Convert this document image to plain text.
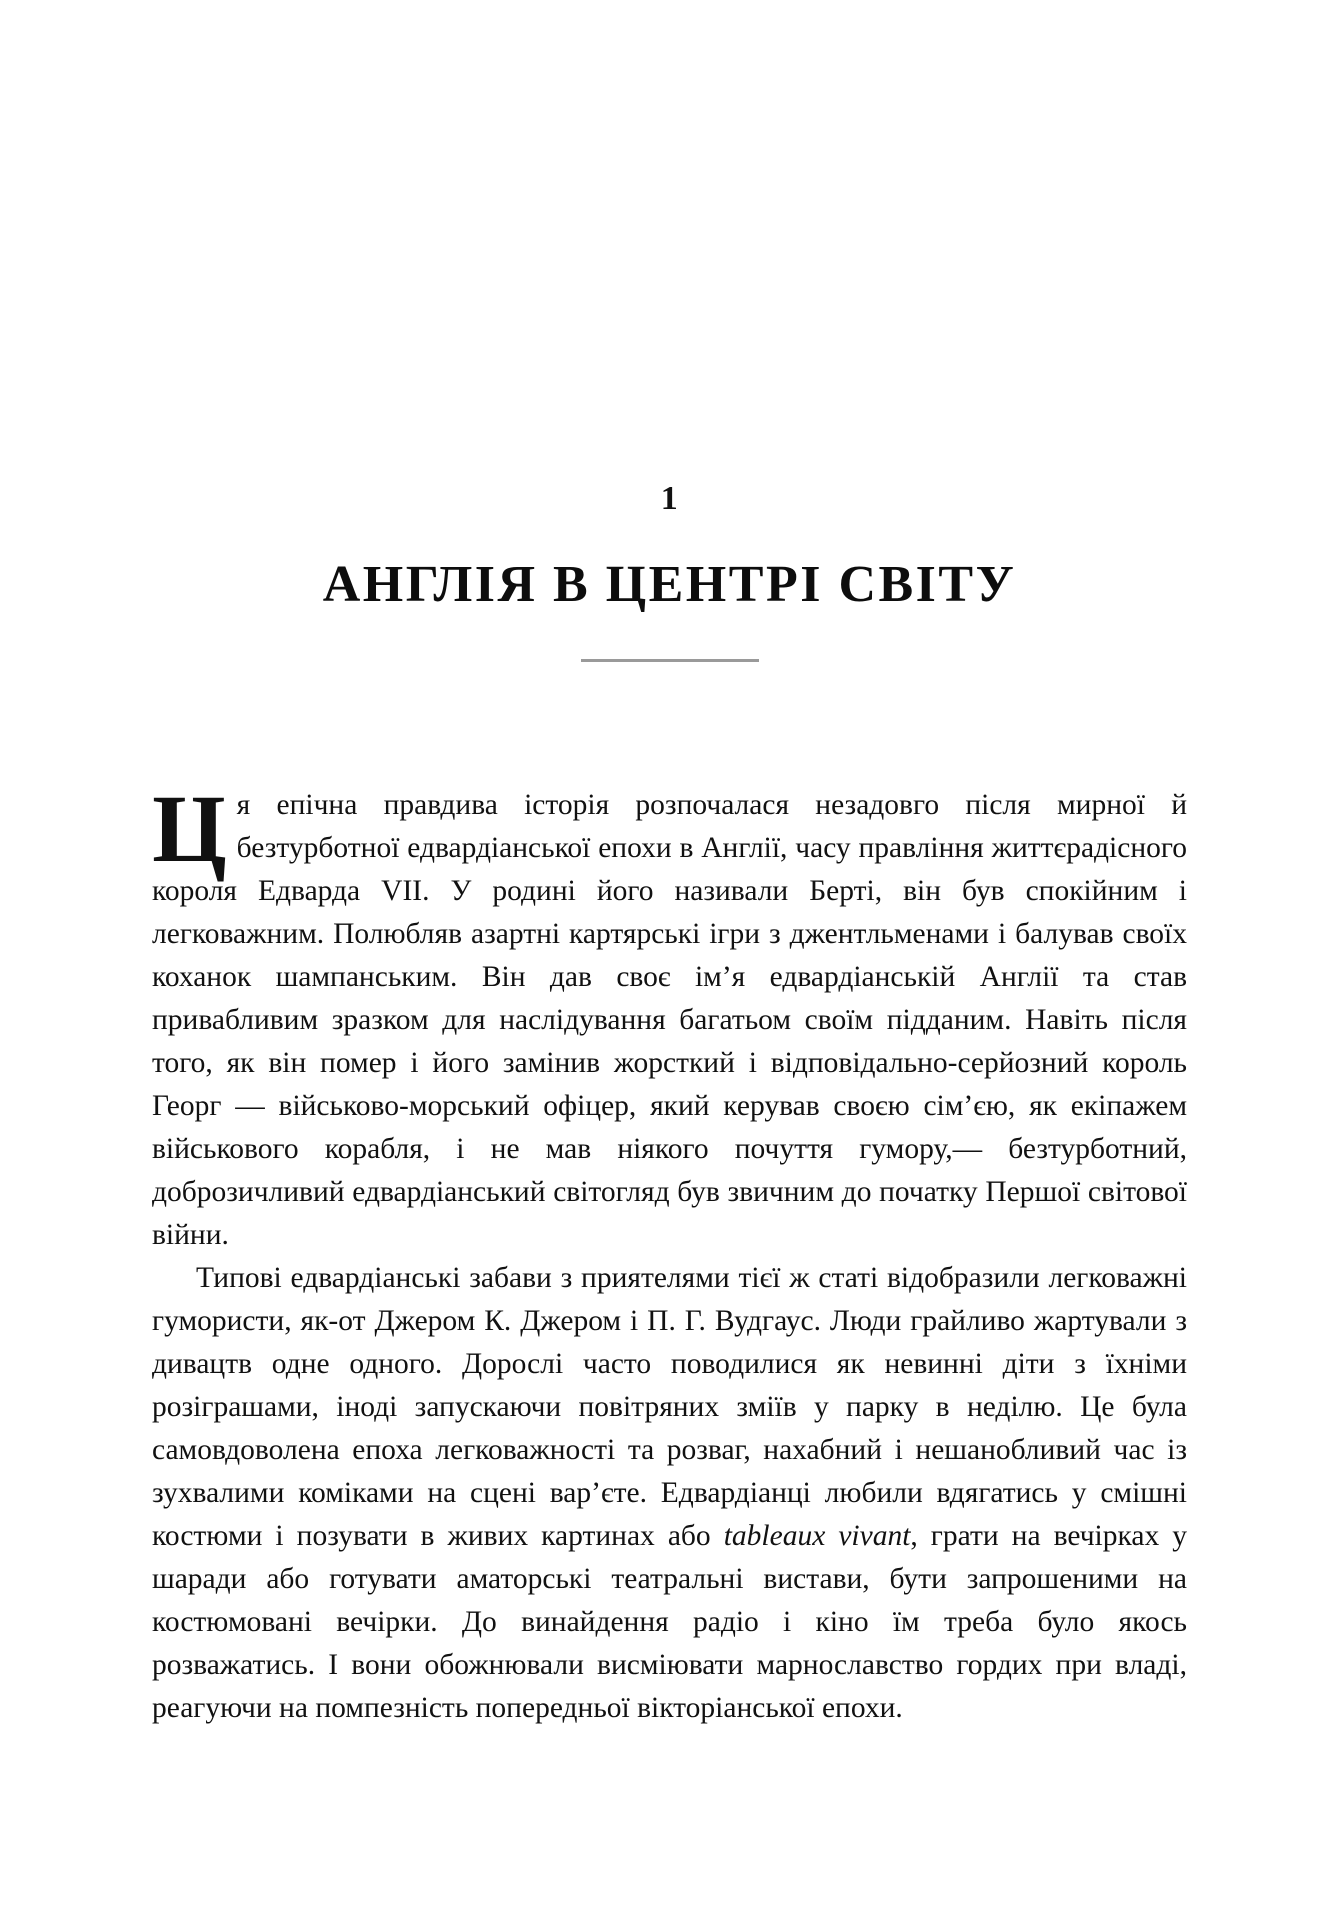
1
АНГЛІЯ В ЦЕНТРІ СВІТУ

Ця епічна правдива історія розпочалася незадовго після мирної й безтурботної едвардіанської епохи в Англії, часу правління життєрадісного короля Едварда VII. У родині його називали Берті, він був спокійним і легковажним. Полюбляв азартні картярські ігри з джентльменами і балував своїх коханок шампанським. Він дав своє ім’я едвардіанській Англії та став привабливим зразком для наслідування багатьом своїм підданим. Навіть після того, як він помер і його замінив жорсткий і відповідально-серйозний король Георг — військово-морський офіцер, який керував своєю сім’єю, як екіпажем військового корабля, і не мав ніякого почуття гумору,— безтурботний, доброзичливий едвардіанський світогляд був звичним до початку Першої світової війни.

Типові едвардіанські забави з приятелями тієї ж статі відобразили легковажні гумористи, як-от Джером К. Джером і П. Г. Вудгаус. Люди грайливо жартували з дивацтв одне одного. Дорослі часто поводилися як невинні діти з їхніми розіграшами, іноді запускаючи повітряних зміїв у парку в неділю. Це була самовдоволена епоха легковажності та розваг, нахабний і нешанобливий час із зухвалими коміками на сцені вар’єте. Едвардіанці любили вдягатись у смішні костюми і позувати в живих картинах або tableaux vivant, грати на вечірках у шаради або готувати аматорські театральні вистави, бути запрошеними на костюмовані вечірки. До винайдення радіо і кіно їм треба було якось розважатись. І вони обожнювали висміювати марнославство гордих при владі, реагуючи на помпезність попередньої вікторіанської епохи.
